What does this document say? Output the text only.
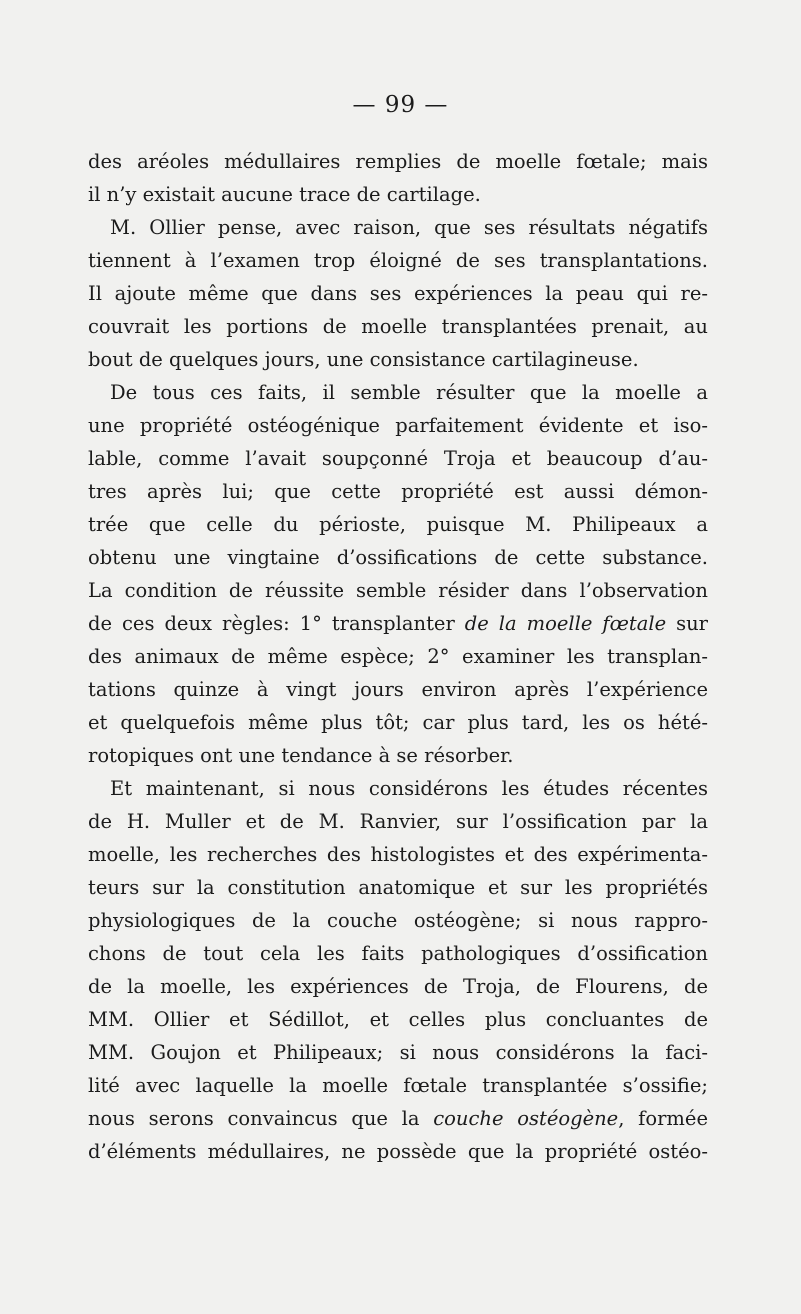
— 99 —
des aréoles médullaires remplies de moelle fœtale; mais
il n’y existait aucune trace de cartilage.
M. Ollier pense, avec raison, que ses résultats négatifs
tiennent à l’examen trop éloigné de ses transplantations.
Il ajoute même que dans ses expériences la peau qui re-
couvrait les portions de moelle transplantées prenait, au
bout de quelques jours, une consistance cartilagineuse.
De tous ces faits, il semble résulter que la moelle a
une propriété ostéogénique parfaitement évidente et iso-
lable, comme l’avait soupçonné Troja et beaucoup d’au-
tres après lui; que cette propriété est aussi démon-
trée que celle du périoste, puisque M. Philipeaux a
obtenu une vingtaine d’ossifications de cette substance.
La condition de réussite semble résider dans l’observation
de ces deux règles: 1° transplanter de la moelle fœtale sur
des animaux de même espèce; 2° examiner les transplan-
tations quinze à vingt jours environ après l’expérience
et quelquefois même plus tôt; car plus tard, les os hété-
rotopiques ont une tendance à se résorber.
Et maintenant, si nous considérons les études récentes
de H. Muller et de M. Ranvier, sur l’ossification par la
moelle, les recherches des histologistes et des expérimenta-
teurs sur la constitution anatomique et sur les propriétés
physiologiques de la couche ostéogène; si nous rappro-
chons de tout cela les faits pathologiques d’ossification
de la moelle, les expériences de Troja, de Flourens, de
MM. Ollier et Sédillot, et celles plus concluantes de
MM. Goujon et Philipeaux; si nous considérons la faci-
lité avec laquelle la moelle fœtale transplantée s’ossifie;
nous serons convaincus que la couche ostéogène, formée
d’éléments médullaires, ne possède que la propriété ostéo-
